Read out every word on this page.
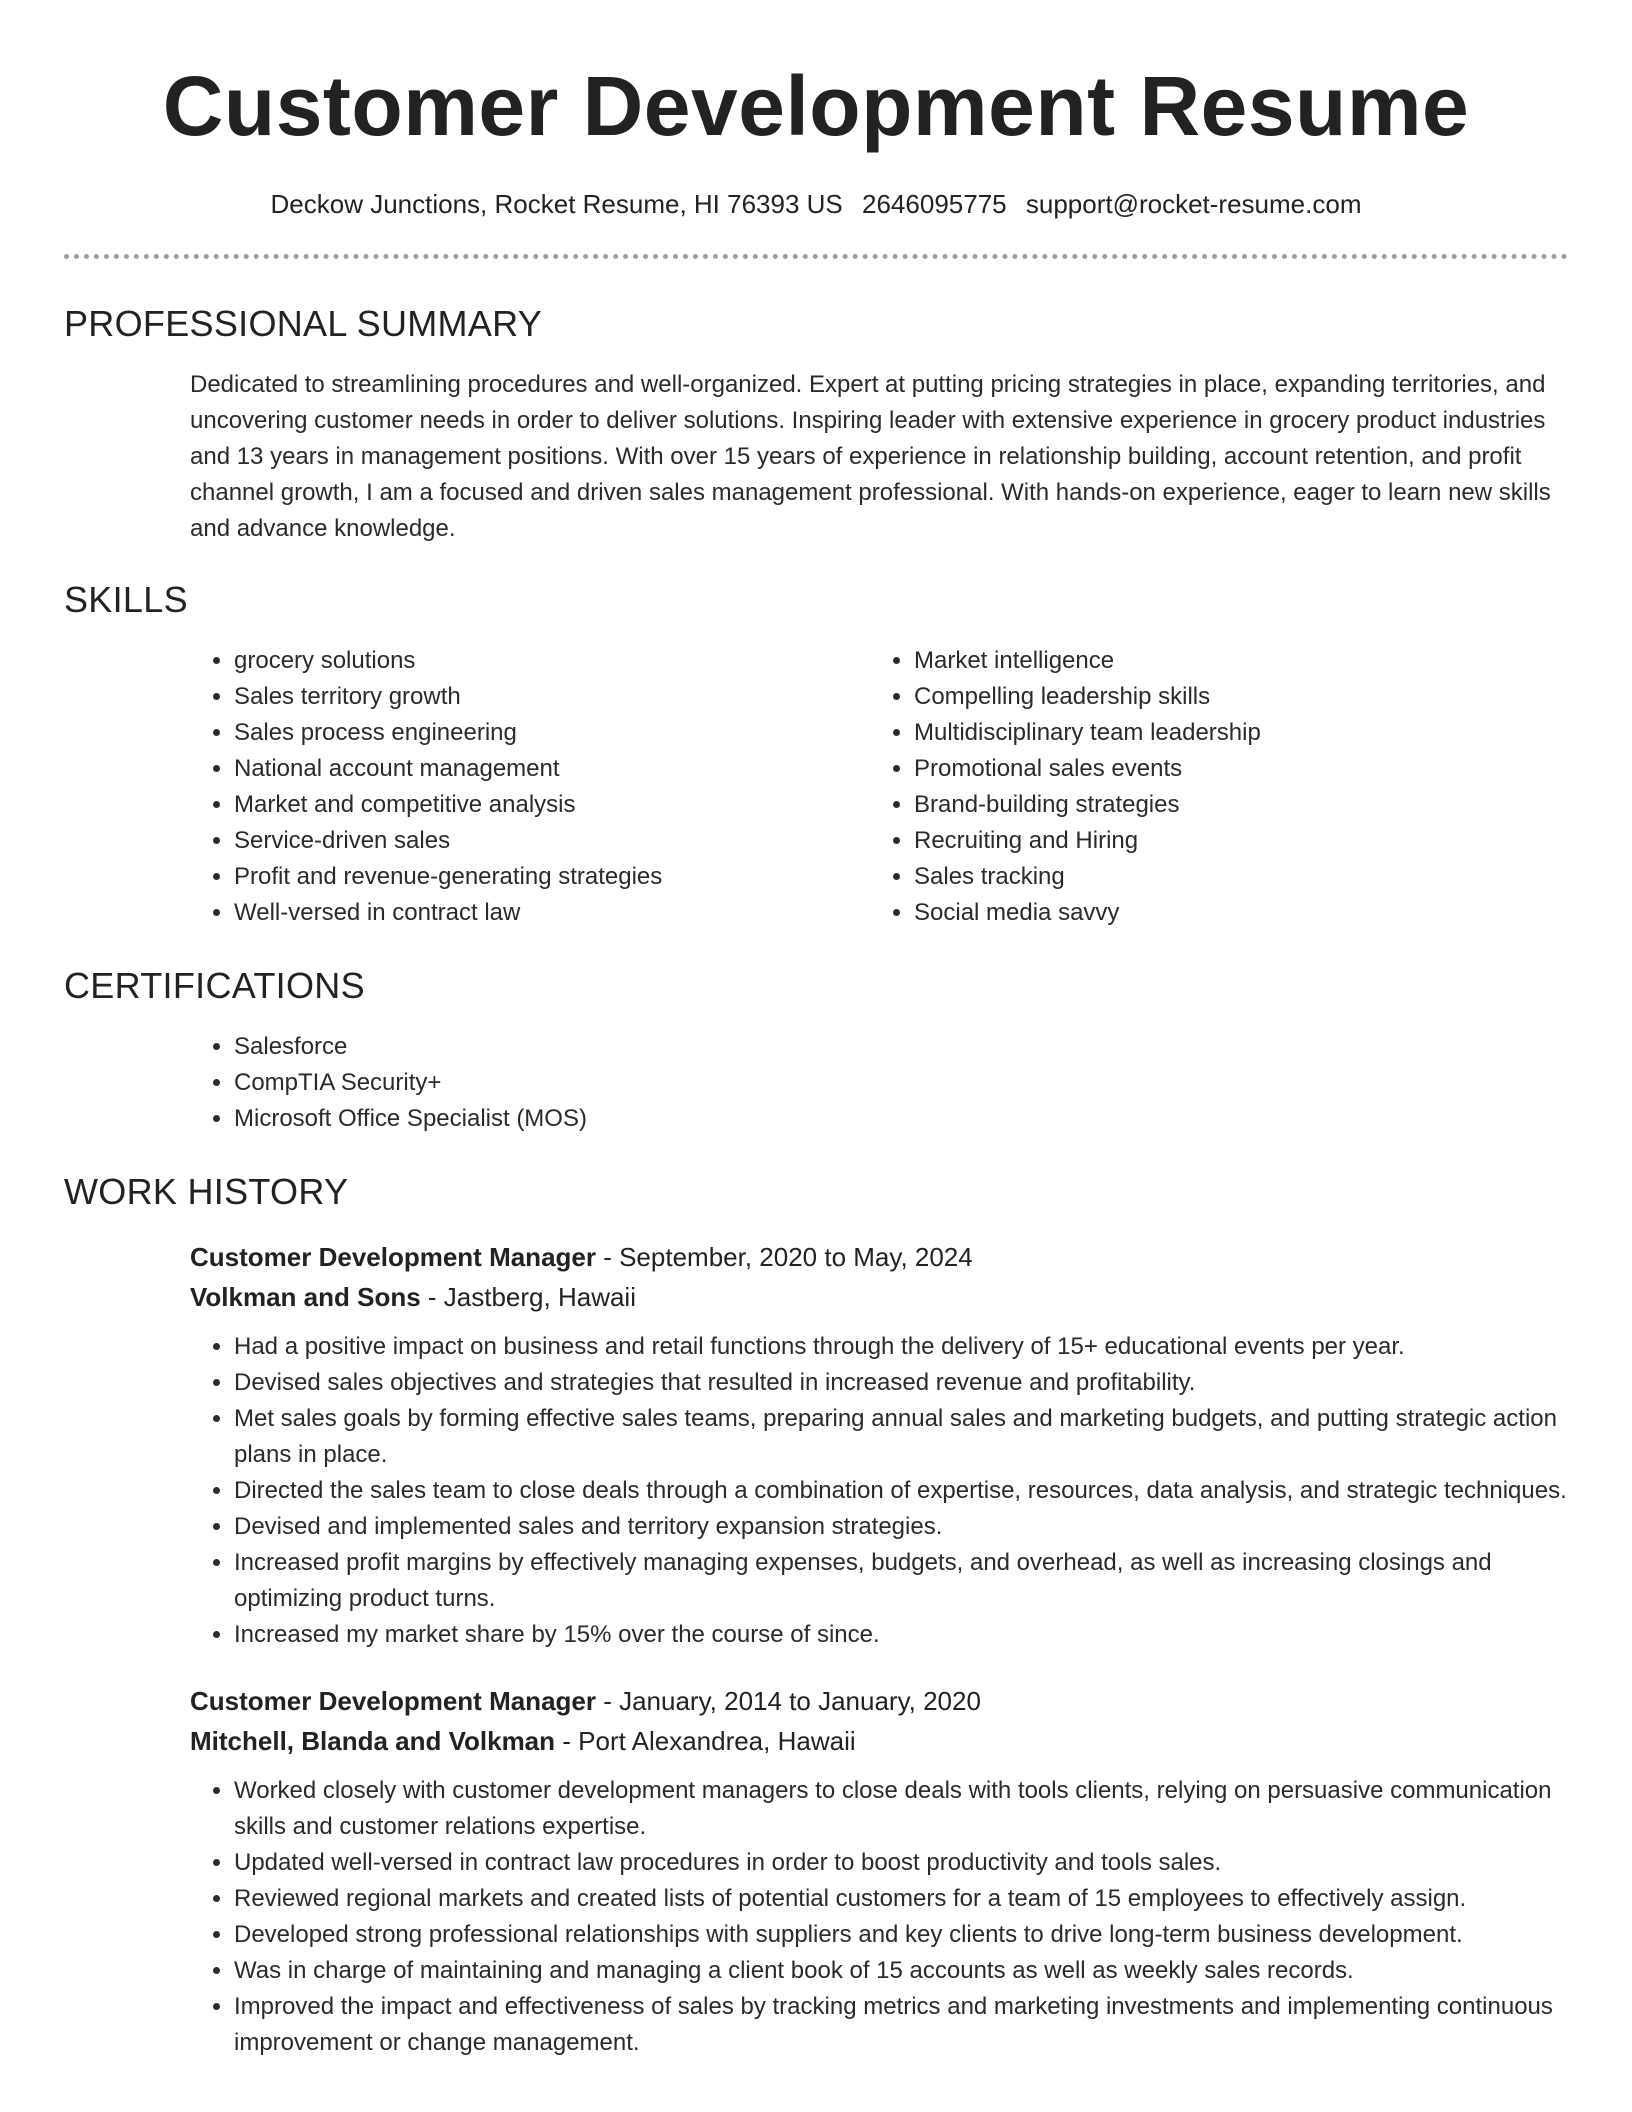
Customer Development Resume
Deckow Junctions, Rocket Resume, HI 76393 US 2646095775 support@rocket-resume.com
PROFESSIONAL SUMMARY

Dedicated to streamlining procedures and well-organized. Expert at putting pricing strategies in place, expanding territories, and uncovering customer needs in order to deliver solutions. Inspiring leader with extensive experience in grocery product industries and 13 years in management positions. With over 15 years of experience in relationship building, account retention, and profit channel growth, I am a focused and driven sales management professional. With hands-on experience, eager to learn new skills and advance knowledge.

SKILLS
• grocery solutions
• Sales territory growth
• Sales process engineering
• National account management
• Market and competitive analysis
• Service-driven sales
• Profit and revenue-generating strategies
• Well-versed in contract law
• Market intelligence
• Compelling leadership skills
• Multidisciplinary team leadership
• Promotional sales events
• Brand-building strategies
• Recruiting and Hiring
• Sales tracking
• Social media savvy
CERTIFICATIONS
• Salesforce
• CompTIA Security+
• Microsoft Office Specialist (MOS)
WORK HISTORY
Customer Development Manager - September, 2020 to May, 2024
Volkman and Sons - Jastberg, Hawaii
• Had a positive impact on business and retail functions through the delivery of 15+ educational events per year.
• Devised sales objectives and strategies that resulted in increased revenue and profitability.
• Met sales goals by forming effective sales teams, preparing annual sales and marketing budgets, and putting strategic action plans in place.
• Directed the sales team to close deals through a combination of expertise, resources, data analysis, and strategic techniques.
• Devised and implemented sales and territory expansion strategies.
• Increased profit margins by effectively managing expenses, budgets, and overhead, as well as increasing closings and optimizing product turns.
• Increased my market share by 15% over the course of since.
Customer Development Manager - January, 2014 to January, 2020
Mitchell, Blanda and Volkman - Port Alexandrea, Hawaii
• Worked closely with customer development managers to close deals with tools clients, relying on persuasive communication skills and customer relations expertise.
• Updated well-versed in contract law procedures in order to boost productivity and tools sales.
• Reviewed regional markets and created lists of potential customers for a team of 15 employees to effectively assign.
• Developed strong professional relationships with suppliers and key clients to drive long-term business development.
• Was in charge of maintaining and managing a client book of 15 accounts as well as weekly sales records.
• Improved the impact and effectiveness of sales by tracking metrics and marketing investments and implementing continuous improvement or change management.
